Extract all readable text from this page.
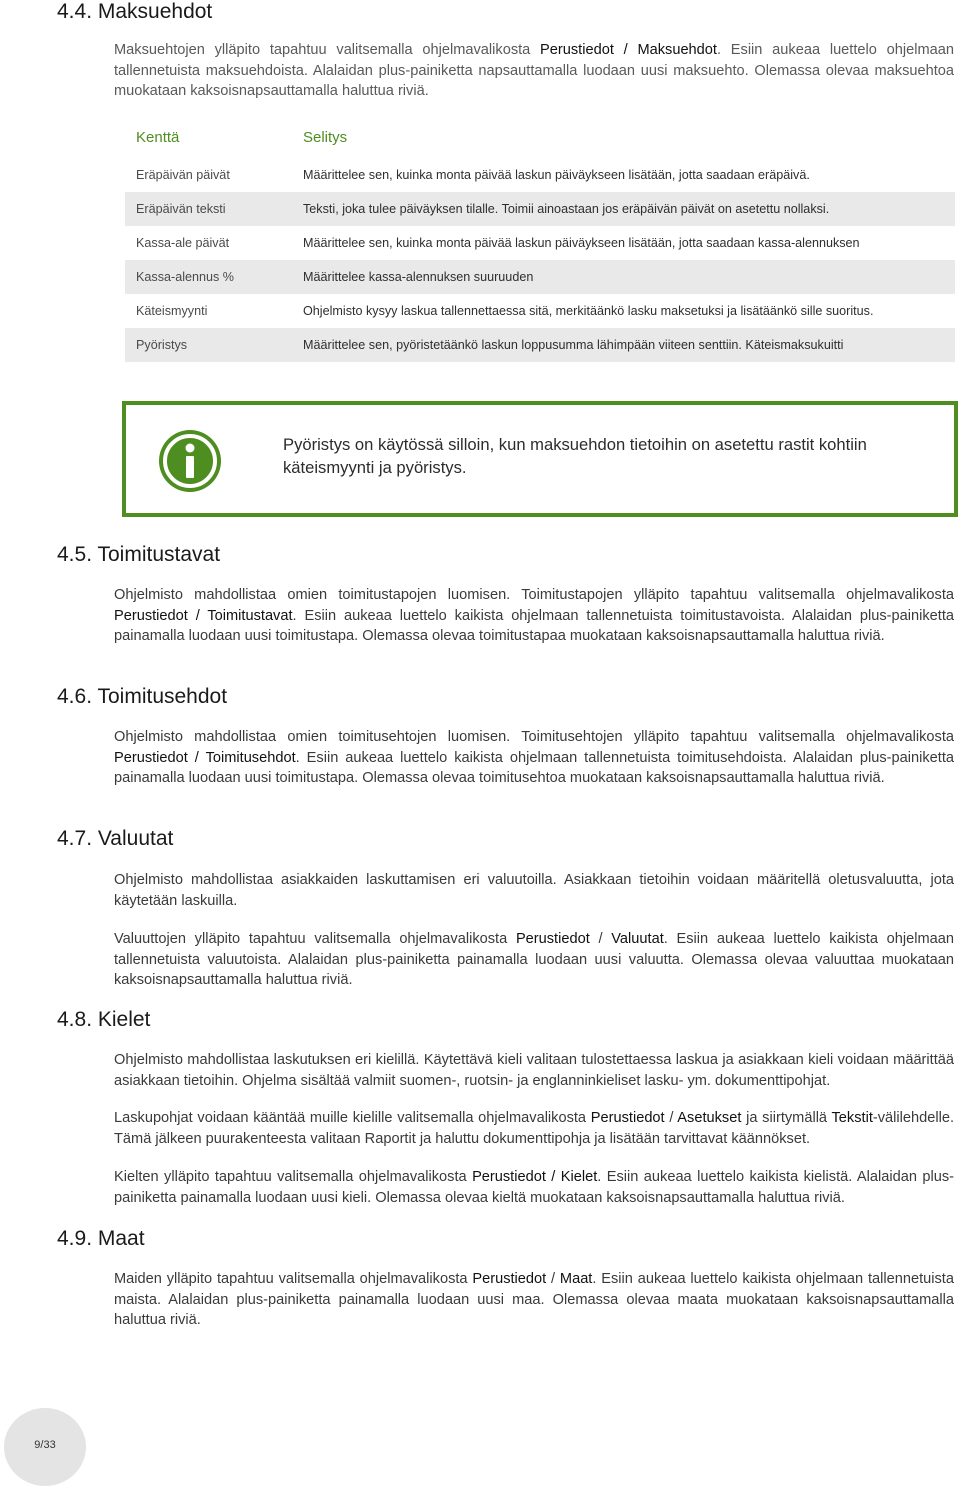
4.4. Maksuehdot

Maksuehtojen ylläpito tapahtuu valitsemalla ohjelmavalikosta Perustiedot / Maksuehdot. Esiin aukeaa luettelo ohjelmaan tallennetuista maksuehdoista. Alalaidan plus-painiketta napsauttamalla luodaan uusi maksuehto. Olemassa olevaa maksuehtoa muokataan kaksoisnapsauttamalla haluttua riviä.

Kenttä	Selitys
Eräpäivän päivät	Määrittelee sen, kuinka monta päivää laskun päiväykseen lisätään, jotta saadaan eräpäivä.
Eräpäivän teksti	Teksti, joka tulee päiväyksen tilalle. Toimii ainoastaan jos eräpäivän päivät on asetettu nollaksi.
Kassa-ale päivät	Määrittelee sen, kuinka monta päivää laskun päiväykseen lisätään, jotta saadaan kassa-alennuksen
Kassa-alennus %	Määrittelee kassa-alennuksen suuruuden
Käteismyynti	Ohjelmisto kysyy laskua tallennettaessa sitä, merkitäänkö lasku maksetuksi ja lisätäänkö sille suoritus.
Pyöristys	Määrittelee sen, pyöristetäänkö laskun loppusumma lähimpään viiteen senttiin. Käteismaksukuitti
Pyöristys on käytössä silloin, kun maksuehdon tietoihin on asetettu rastit kohtiin käteismyynti ja pyöristys.
4.5. Toimitustavat

Ohjelmisto mahdollistaa omien toimitustapojen luomisen. Toimitustapojen ylläpito tapahtuu valitsemalla ohjelmavalikosta Perustiedot / Toimitustavat. Esiin aukeaa luettelo kaikista ohjelmaan tallennetuista toimitustavoista. Alalaidan plus-painiketta painamalla luodaan uusi toimitustapa. Olemassa olevaa toimitustapaa muokataan kaksoisnapsauttamalla haluttua riviä.

4.6. Toimitusehdot

Ohjelmisto mahdollistaa omien toimitusehtojen luomisen. Toimitusehtojen ylläpito tapahtuu valitsemalla ohjelmavalikosta Perustiedot / Toimitusehdot. Esiin aukeaa luettelo kaikista ohjelmaan tallennetuista toimitusehdoista. Alalaidan plus-painiketta painamalla luodaan uusi toimitustapa. Olemassa olevaa toimitusehtoa muokataan kaksoisnapsauttamalla haluttua riviä.

4.7. Valuutat

Ohjelmisto mahdollistaa asiakkaiden laskuttamisen eri valuutoilla. Asiakkaan tietoihin voidaan määritellä oletusvaluutta, jota käytetään laskuilla.

Valuuttojen ylläpito tapahtuu valitsemalla ohjelmavalikosta Perustiedot / Valuutat. Esiin aukeaa luettelo kaikista ohjelmaan tallennetuista valuutoista. Alalaidan plus-painiketta painamalla luodaan uusi valuutta. Olemassa olevaa valuuttaa muokataan kaksoisnapsauttamalla haluttua riviä.

4.8. Kielet

Ohjelmisto mahdollistaa laskutuksen eri kielillä. Käytettävä kieli valitaan tulostettaessa laskua ja asiakkaan kieli voidaan määrittää asiakkaan tietoihin. Ohjelma sisältää valmiit suomen-, ruotsin- ja englanninkieliset lasku- ym. dokumenttipohjat.

Laskupohjat voidaan kääntää muille kielille valitsemalla ohjelmavalikosta Perustiedot / Asetukset ja siirtymällä Tekstit-välilehdelle. Tämä jälkeen puurakenteesta valitaan Raportit ja haluttu dokumenttipohja ja lisätään tarvittavat käännökset.

Kielten ylläpito tapahtuu valitsemalla ohjelmavalikosta Perustiedot / Kielet. Esiin aukeaa luettelo kaikista kielistä. Alalaidan plus-painiketta painamalla luodaan uusi kieli. Olemassa olevaa kieltä muokataan kaksoisnapsauttamalla haluttua riviä.

4.9. Maat

Maiden ylläpito tapahtuu valitsemalla ohjelmavalikosta Perustiedot / Maat. Esiin aukeaa luettelo kaikista ohjelmaan tallennetuista maista. Alalaidan plus-painiketta painamalla luodaan uusi maa. Olemassa olevaa maata muokataan kaksoisnapsauttamalla haluttua riviä.

9/33
